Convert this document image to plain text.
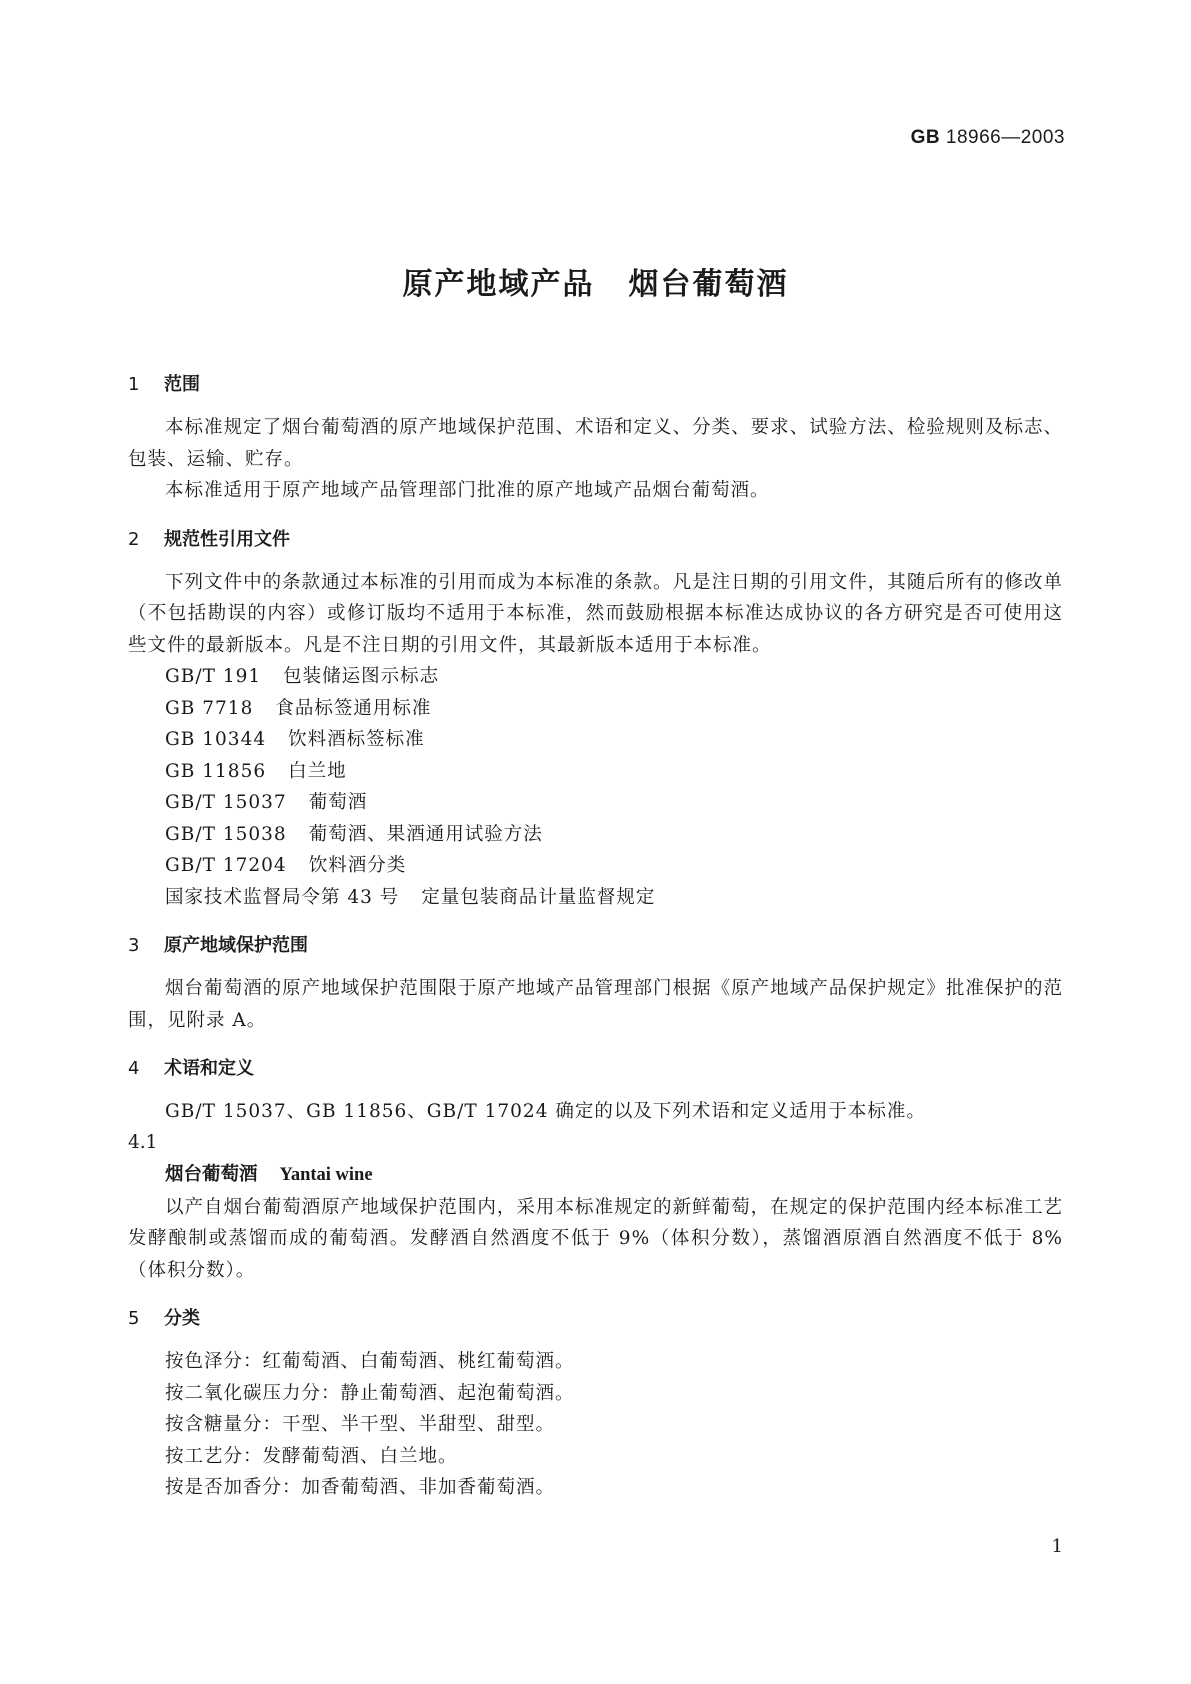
GB 18966—2003
原产地域产品 烟台葡萄酒
1 范围

本标准规定了烟台葡萄酒的原产地域保护范围、术语和定义、分类、要求、试验方法、检验规则及标志、包装、运输、贮存。

本标准适用于原产地域产品管理部门批准的原产地域产品烟台葡萄酒。

2 规范性引用文件

下列文件中的条款通过本标准的引用而成为本标准的条款。凡是注日期的引用文件，其随后所有的修改单（不包括勘误的内容）或修订版均不适用于本标准，然而鼓励根据本标准达成协议的各方研究是否可使用这些文件的最新版本。凡是不注日期的引用文件，其最新版本适用于本标准。

GB/T 191 包装储运图示标志

GB 7718 食品标签通用标准

GB 10344 饮料酒标签标准

GB 11856 白兰地

GB/T 15037 葡萄酒

GB/T 15038 葡萄酒、果酒通用试验方法

GB/T 17204 饮料酒分类

国家技术监督局令第 43 号 定量包装商品计量监督规定

3 原产地域保护范围

烟台葡萄酒的原产地域保护范围限于原产地域产品管理部门根据《原产地域产品保护规定》批准保护的范围，见附录 A。

4 术语和定义

GB/T 15037、GB 11856、GB/T 17024 确定的以及下列术语和定义适用于本标准。

4.1

烟台葡萄酒 Yantai wine

以产自烟台葡萄酒原产地域保护范围内，采用本标准规定的新鲜葡萄，在规定的保护范围内经本标准工艺发酵酿制或蒸馏而成的葡萄酒。发酵酒自然酒度不低于 9%（体积分数），蒸馏酒原酒自然酒度不低于 8%（体积分数）。

5 分类

按色泽分：红葡萄酒、白葡萄酒、桃红葡萄酒。

按二氧化碳压力分：静止葡萄酒、起泡葡萄酒。

按含糖量分：干型、半干型、半甜型、甜型。

按工艺分：发酵葡萄酒、白兰地。

按是否加香分：加香葡萄酒、非加香葡萄酒。

1
